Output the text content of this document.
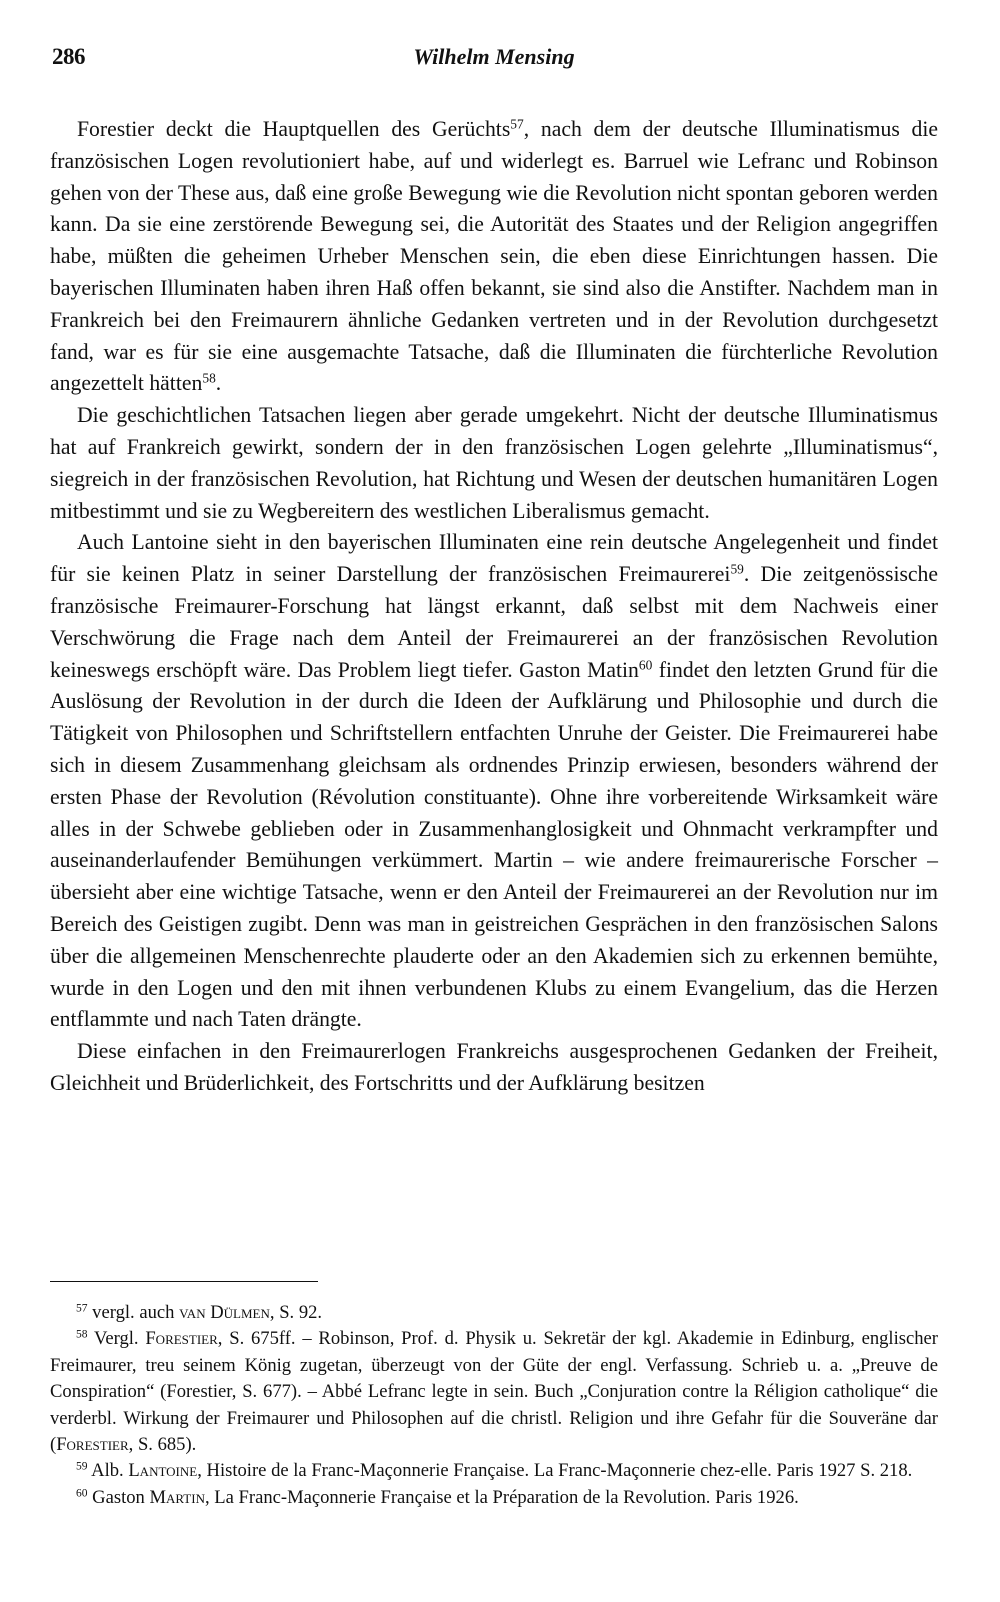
286	Wilhelm Mensing

Forestier deckt die Hauptquellen des Gerüchts$^{57}$, nach dem der deutsche Illuminatismus die französischen Logen revolutioniert habe, auf und widerlegt es. Barruel wie Lefranc und Robinson gehen von der These aus, daß eine große Bewegung wie die Revolution nicht spontan geboren werden kann. Da sie eine zerstörende Bewegung sei, die Autorität des Staates und der Religion angegriffen habe, müßten die geheimen Urheber Menschen sein, die eben diese Einrichtungen hassen. Die bayerischen Illuminaten haben ihren Haß offen bekannt, sie sind also die Anstifter. Nachdem man in Frankreich bei den Freimaurern ähnliche Gedanken vertreten und in der Revolution durchgesetzt fand, war es für sie eine ausgemachte Tatsache, daß die Illuminaten die fürchterliche Revolution angezettelt hätten$^{58}$.

Die geschichtlichen Tatsachen liegen aber gerade umgekehrt. Nicht der deutsche Illuminatismus hat auf Frankreich gewirkt, sondern der in den französischen Logen gelehrte „Illuminatismus“, siegreich in der französischen Revolution, hat Richtung und Wesen der deutschen humanitären Logen mitbestimmt und sie zu Wegbereitern des westlichen Liberalismus gemacht.

Auch Lantoine sieht in den bayerischen Illuminaten eine rein deutsche Angelegenheit und findet für sie keinen Platz in seiner Darstellung der französischen Freimaurerei$^{59}$. Die zeitgenössische französische Freimaurer-Forschung hat längst erkannt, daß selbst mit dem Nachweis einer Verschwörung die Frage nach dem Anteil der Freimaurerei an der französischen Revolution keineswegs erschöpft wäre. Das Problem liegt tiefer. Gaston Matin$^{60}$ findet den letzten Grund für die Auslösung der Revolution in der durch die Ideen der Aufklärung und Philosophie und durch die Tätigkeit von Philosophen und Schriftstellern entfachten Unruhe der Geister. Die Freimaurerei habe sich in diesem Zusammenhang gleichsam als ordnendes Prinzip erwiesen, besonders während der ersten Phase der Revolution (Révolution constituante). Ohne ihre vorbereitende Wirksamkeit wäre alles in der Schwebe geblieben oder in Zusammenhanglosigkeit und Ohnmacht verkrampfter und auseinanderlaufender Bemühungen verkümmert. Martin – wie andere freimaurerische Forscher – übersieht aber eine wichtige Tatsache, wenn er den Anteil der Freimaurerei an der Revolution nur im Bereich des Geistigen zugibt. Denn was man in geistreichen Gesprächen in den französischen Salons über die allgemeinen Menschenrechte plauderte oder an den Akademien sich zu erkennen bemühte, wurde in den Logen und den mit ihnen verbundenen Klubs zu einem Evangelium, das die Herzen entflammte und nach Taten drängte.

Diese einfachen in den Freimaurerlogen Frankreichs ausgesprochenen Gedanken der Freiheit, Gleichheit und Brüderlichkeit, des Fortschritts und der Aufklärung besitzen

$^{57}$ vergl. auch van Dülmen, S. 92.

$^{58}$ Vergl. Forestier, S. 675ff. – Robinson, Prof. d. Physik u. Sekretär der kgl. Akademie in Edinburg, englischer Freimaurer, treu seinem König zugetan, überzeugt von der Güte der engl. Verfassung. Schrieb u. a. „Preuve de Conspiration“ (Forestier, S. 677). – Abbé Lefranc legte in sein. Buch „Conjuration contre la Réligion catholique“ die verderbl. Wirkung der Freimaurer und Philosophen auf die christl. Religion und ihre Gefahr für die Souveräne dar (Forestier, S. 685).

$^{59}$ Alb. Lantoine, Histoire de la Franc-Maçonnerie Française. La Franc-Maçonnerie chez-elle. Paris 1927 S. 218.

$^{60}$ Gaston Martin, La Franc-Maçonnerie Française et la Préparation de la Revolution. Paris 1926.
